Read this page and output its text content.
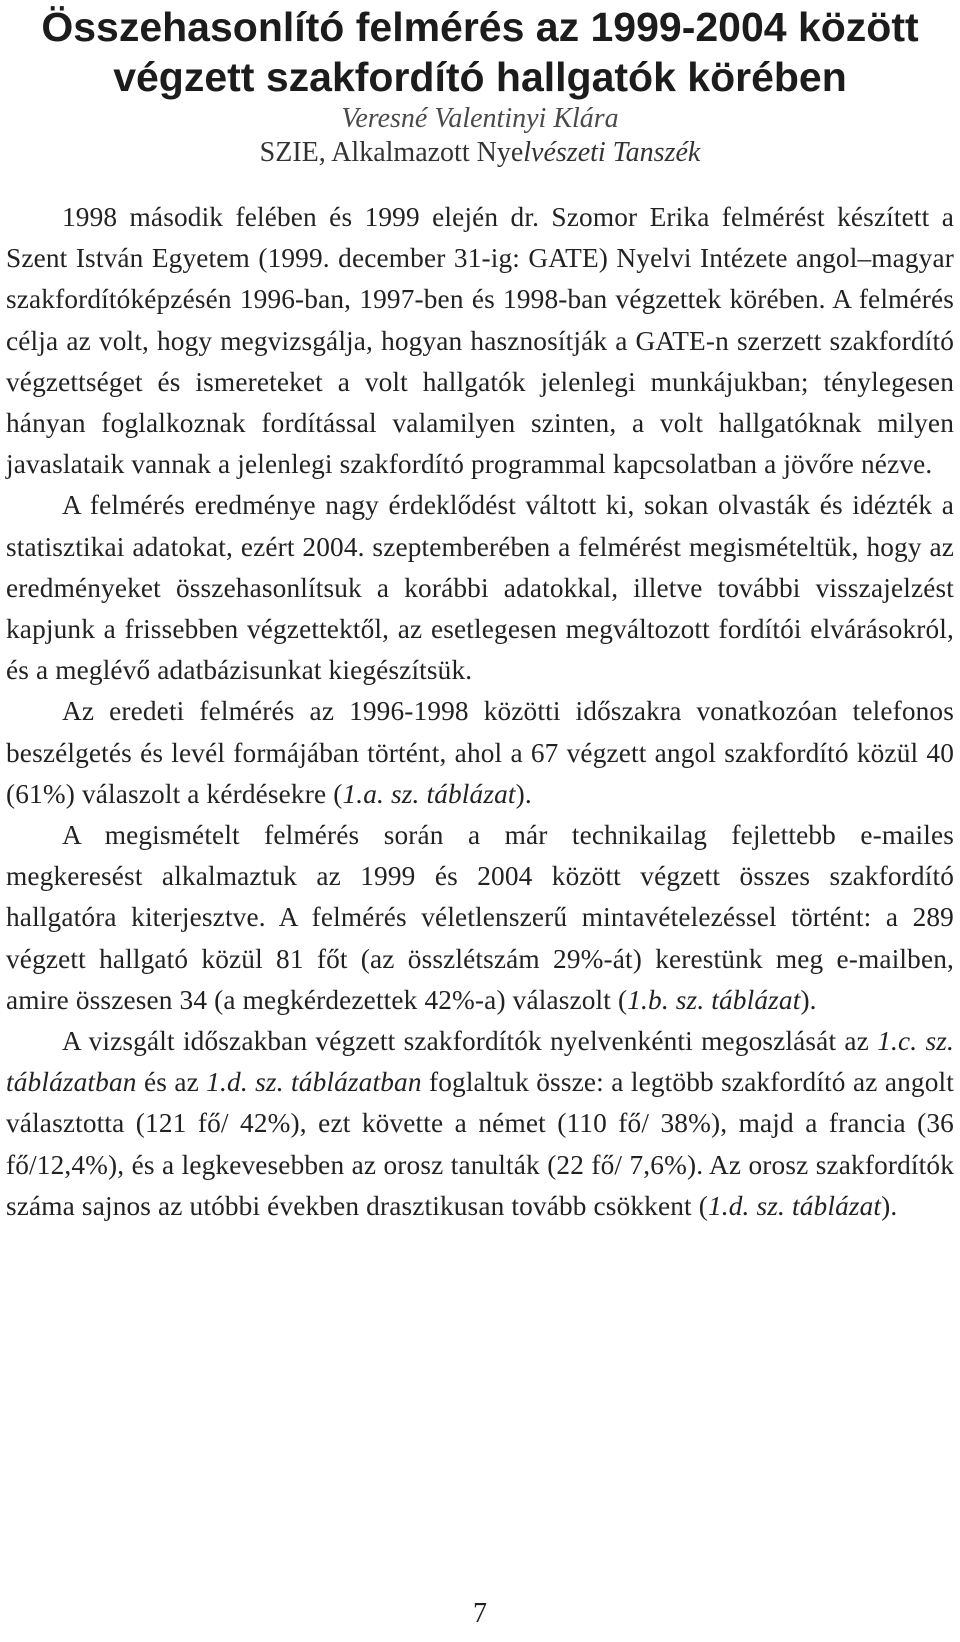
Összehasonlító felmérés az 1999-2004 között végzett szakfordító hallgatók körében

Veresné Valentinyi Klára

SZIE, Alkalmazott Nyelvészeti Tanszék

1998 második felében és 1999 elején dr. Szomor Erika felmérést készített a Szent István Egyetem (1999. december 31-ig: GATE) Nyelvi Intézete angol–magyar szakfordítóképzésén 1996-ban, 1997-ben és 1998-ban végzettek körében. A felmérés célja az volt, hogy megvizsgálja, hogyan hasznosítják a GATE-n szerzett szakfordító végzettséget és ismereteket a volt hallgatók jelenlegi munkájukban; ténylegesen hányan foglalkoznak fordítással valamilyen szinten, a volt hallgatóknak milyen javaslataik vannak a jelenlegi szakfordító programmal kapcsolatban a jövőre nézve.

A felmérés eredménye nagy érdeklődést váltott ki, sokan olvasták és idézték a statisztikai adatokat, ezért 2004. szeptemberében a felmérést megismételtük, hogy az eredményeket összehasonlítsuk a korábbi adatokkal, illetve további visszajelzést kapjunk a frissebben végzettektől, az esetlegesen megváltozott fordítói elvárásokról, és a meglévő adatbázisunkat kiegészítsük.

Az eredeti felmérés az 1996-1998 közötti időszakra vonatkozóan telefonos beszélgetés és levél formájában történt, ahol a 67 végzett angol szakfordító közül 40 (61%) válaszolt a kérdésekre (1.a. sz. táblázat).

A megismételt felmérés során a már technikailag fejlettebb e-mailes megkeresést alkalmaztuk az 1999 és 2004 között végzett összes szakfordító hallgatóra kiterjesztve. A felmérés véletlenszerű mintavételezéssel történt: a 289 végzett hallgató közül 81 főt (az összlétszám 29%-át) kerestünk meg e-mailben, amire összesen 34 (a megkérdezettek 42%-a) válaszolt (1.b. sz. táblázat).

A vizsgált időszakban végzett szakfordítók nyelvenkénti megoszlását az 1.c. sz. táblázatban és az 1.d. sz. táblázatban foglaltuk össze: a legtöbb szakfordító az angolt választotta (121 fő/ 42%), ezt követte a német (110 fő/ 38%), majd a francia (36 fő/12,4%), és a legkevesebben az orosz tanulták (22 fő/ 7,6%). Az orosz szakfordítók száma sajnos az utóbbi években drasztikusan tovább csökkent (1.d. sz. táblázat).

7
